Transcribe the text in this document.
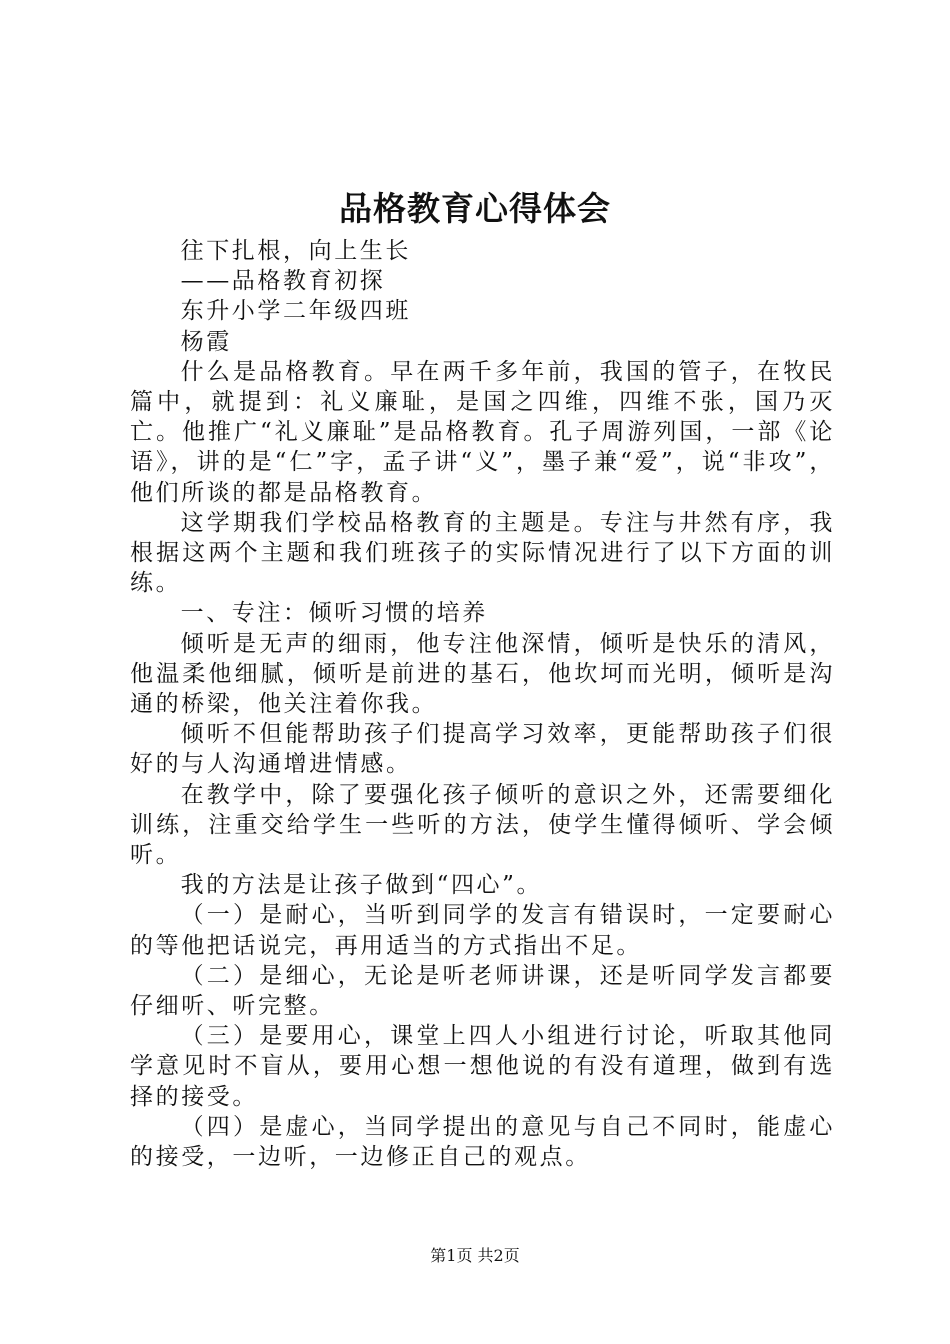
品格教育心得体会

往下扎根，向上生长

——品格教育初探

东升小学二年级四班

杨霞

什么是品格教育。早在两千多年前，我国的管子，在牧民篇中，就提到：礼义廉耻，是国之四维，四维不张，国乃灭亡。他推广“礼义廉耻”是品格教育。孔子周游列国，一部《论语》，讲的是“仁”字，孟子讲“义”，墨子兼“爱”，说“非攻”，他们所谈的都是品格教育。

这学期我们学校品格教育的主题是。专注与井然有序，我根据这两个主题和我们班孩子的实际情况进行了以下方面的训练。

一、专注：倾听习惯的培养

倾听是无声的细雨，他专注他深情，倾听是快乐的清风，他温柔他细腻，倾听是前进的基石，他坎坷而光明，倾听是沟通的桥梁，他关注着你我。

倾听不但能帮助孩子们提高学习效率，更能帮助孩子们很好的与人沟通增进情感。

在教学中，除了要强化孩子倾听的意识之外，还需要细化训练，注重交给学生一些听的方法，使学生懂得倾听、学会倾听。

我的方法是让孩子做到“四心”。

（一）是耐心，当听到同学的发言有错误时，一定要耐心的等他把话说完，再用适当的方式指出不足。

（二）是细心，无论是听老师讲课，还是听同学发言都要仔细听、听完整。

（三）是要用心，课堂上四人小组进行讨论，听取其他同学意见时不盲从，要用心想一想他说的有没有道理，做到有选择的接受。

（四）是虚心，当同学提出的意见与自己不同时，能虚心的接受，一边听，一边修正自己的观点。

第1页 共2页
